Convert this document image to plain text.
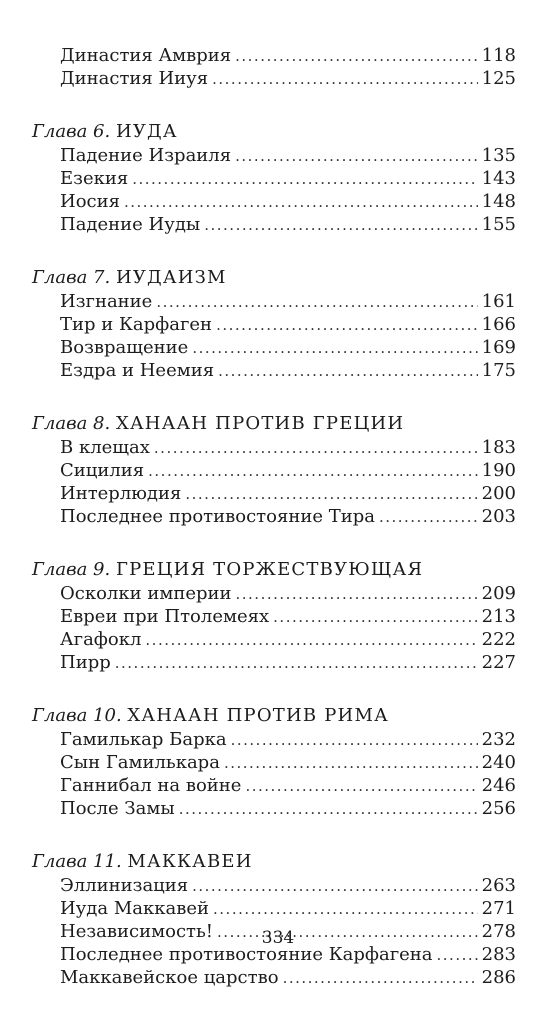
Династия Амврия .....	118
Династия Ииуя .....	125
Глава 6. ИУДА
Падение Израиля .....	135
Езекия .....	143
Иосия .....	148
Падение Иуды .....	155
Глава 7. ИУДАИЗМ
Изгнание .....	161
Тир и Карфаген .....	166
Возвращение .....	169
Ездра и Неемия .....	175
Глава 8. ХАНААН ПРОТИВ ГРЕЦИИ
В клещах .....	183
Сицилия .....	190
Интерлюдия .....	200
Последнее противостояние Тира .....	203
Глава 9. ГРЕЦИЯ ТОРЖЕСТВУЮЩАЯ
Осколки империи .....	209
Евреи при Птолемеях .....	213
Агафокл .....	222
Пирр .....	227
Глава 10. ХАНААН ПРОТИВ РИМА
Гамилькар Барка .....	232
Сын Гамилькара .....	240
Ганнибал на войне .....	246
После Замы .....	256
Глава 11. МАККАВЕИ
Эллинизация .....	263
Иуда Маккавей .....	271
Независимость! .....	278
Последнее противостояние Карфагена .....	283
Маккавейское царство .....	286
334
